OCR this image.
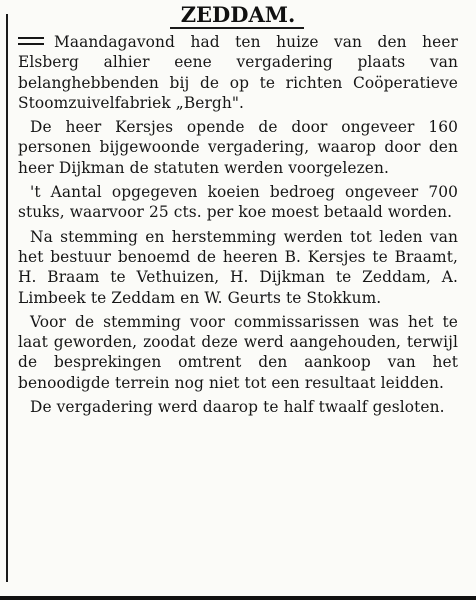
ZEDDAM.

Maandagavond had ten huize van den heer Elsberg alhier eene vergadering plaats van belanghebbenden bij de op te richten Coöperatieve Stoomzuivelfabriek „Bergh".

De heer Kersjes opende de door ongeveer 160 personen bijgewoonde vergadering, waarop door den heer Dijkman de statuten werden voorgelezen.

't Aantal opgegeven koeien bedroeg ongeveer 700 stuks, waarvoor 25 cts. per koe moest betaald worden.

Na stemming en herstemming werden tot leden van het bestuur benoemd de heeren B. Kersjes te Braamt, H. Braam te Vethuizen, H. Dijkman te Zeddam, A. Limbeek te Zeddam en W. Geurts te Stokkum.

Voor de stemming voor commissarissen was het te laat geworden, zoodat deze werd aangehouden, terwijl de besprekingen omtrent den aankoop van het benoodigde terrein nog niet tot een resultaat leidden.

De vergadering werd daarop te half twaalf gesloten.
